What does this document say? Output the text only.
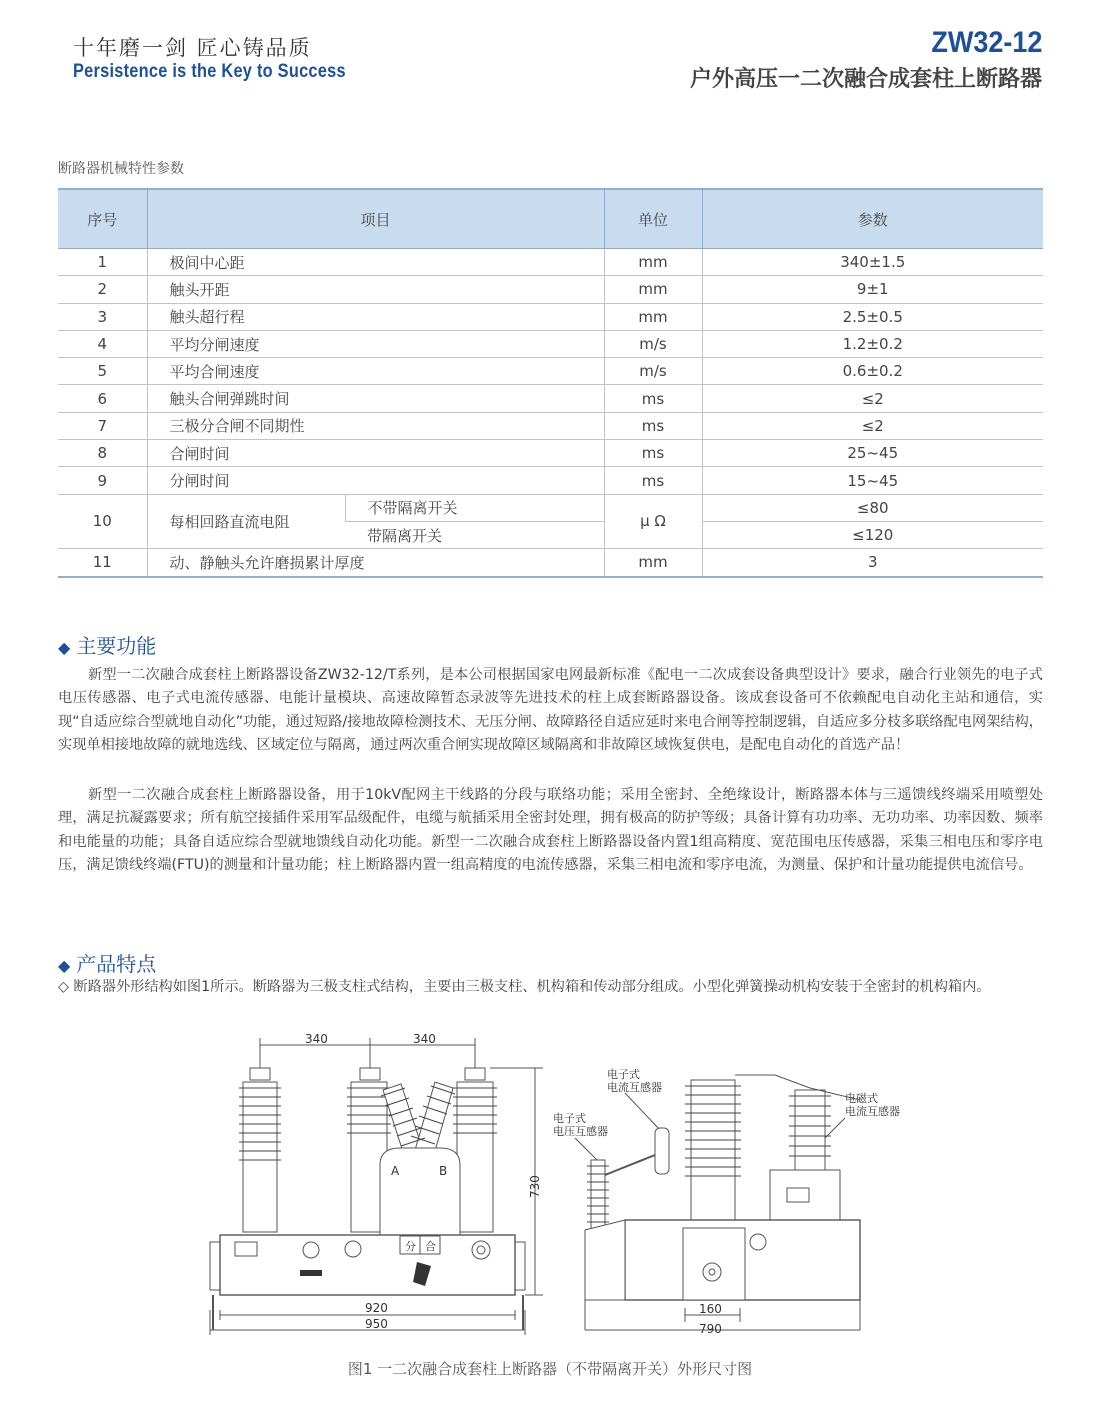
十年磨一剑 匠心铸品质
Persistence is the Key to Success
ZW32-12
户外高压一二次融合成套柱上断路器
断路器机械特性参数
序号	项目		单位	参数
1	极间中心距		mm	340±1.5
2	触头开距		mm	9±1
3	触头超行程		mm	2.5±0.5
4	平均分闸速度		m/s	1.2±0.2
5	平均合闸速度		m/s	0.6±0.2
6	触头合闸弹跳时间		ms	≤2
7	三极分合闸不同期性		ms	≤2
8	合闸时间		ms	25~45
9	分闸时间		ms	15~45
10	每相回路直流电阻	不带隔离开关	μ Ω	≤80
		带隔离开关		≤120
11	动、静触头允许磨损累计厚度		mm	3
◆ 主要功能

新型一二次融合成套柱上断路器设备ZW32-12/T系列，是本公司根据国家电网最新标准《配电一二次成套设备典型设计》要求，融合行业领先的电子式电压传感器、电子式电流传感器、电能计量模块、高速故障暂态录波等先进技术的柱上成套断路器设备。该成套设备可不依赖配电自动化主站和通信，实现“自适应综合型就地自动化”功能，通过短路/接地故障检测技术、无压分闸、故障路径自适应延时来电合闸等控制逻辑，自适应多分枝多联络配电网架结构，实现单相接地故障的就地选线、区域定位与隔离，通过两次重合闸实现故障区域隔离和非故障区域恢复供电，是配电自动化的首选产品！

新型一二次融合成套柱上断路器设备，用于10kV配网主干线路的分段与联络功能；采用全密封、全绝缘设计，断路器本体与三遥馈线终端采用喷塑处理，满足抗凝露要求；所有航空接插件采用军品级配件，电缆与航插采用全密封处理，拥有极高的防护等级；具备计算有功功率、无功功率、功率因数、频率和电能量的功能；具备自适应综合型就地馈线自动化功能。新型一二次融合成套柱上断路器设备内置1组高精度、宽范围电压传感器，采集三相电压和零序电压，满足馈线终端(FTU)的测量和计量功能；柱上断路器内置一组高精度的电流传感器，采集三相电流和零序电流，为测量、保护和计量功能提供电流信号。

◆ 产品特点

◇ 断路器外形结构如图1所示。断路器为三极支柱式结构，主要由三极支柱、机构箱和传动部分组成。小型化弹簧操动机构安装于全密封的机构箱内。

340	340
A	B
分 合
730
920
950
电子式
电流互感器
电子式
电压互感器
电磁式
电流互感器
160
790
图1 一二次融合成套柱上断路器（不带隔离开关）外形尺寸图
